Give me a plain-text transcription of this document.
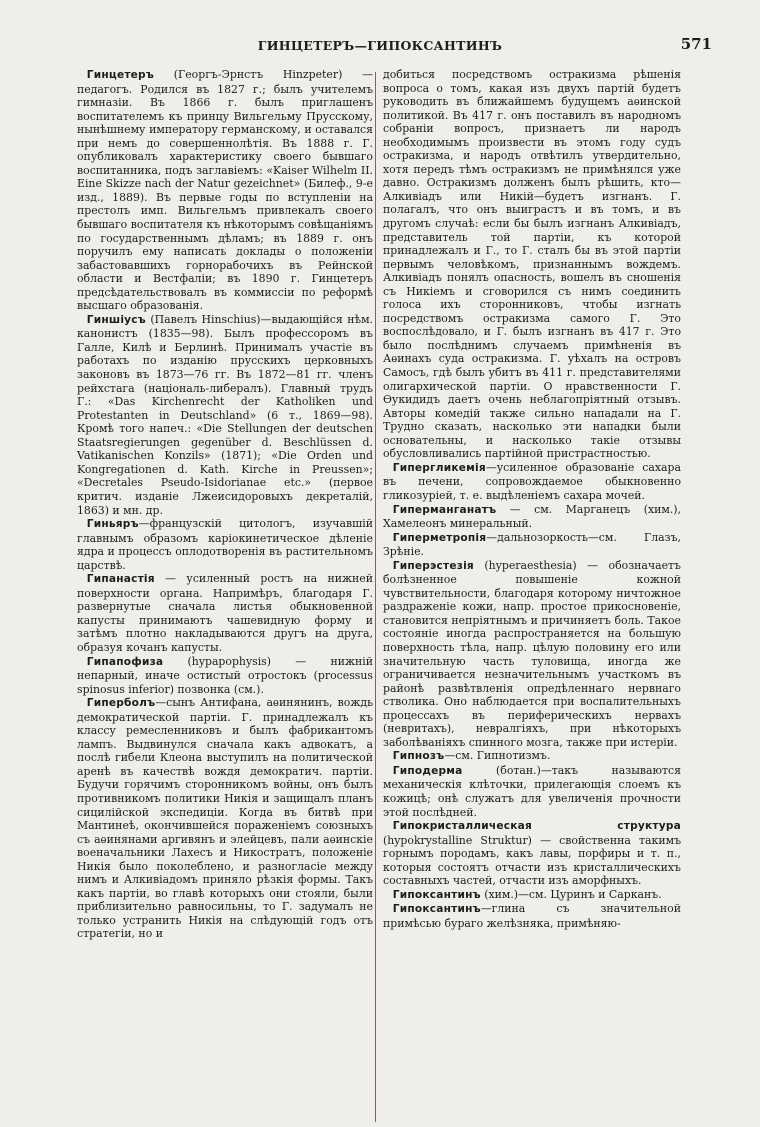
ГИНЦЕТЕРЪ—ГИПОКСАНТИНЪ	571

Гинцетеръ (Георгъ-Эрнстъ Hinzpeter) — педагогъ. Родился въ 1827 г.; былъ учителемъ гимназіи. Въ 1866 г. былъ приглашенъ воспитателемъ къ принцу Вильгельму Прусскому, нынѣшнему императору германскому, и оставался при немъ до совершеннолѣтія. Въ 1888 г. Г. опубликовалъ характеристику своего бывшаго воспитанника, подъ заглавіемъ: «Kaiser Wilhelm II. Eine Skizze nach der Natur gezeichnet» (Билеф., 9-е изд., 1889). Въ первые годы по вступленіи на престолъ имп. Вильгельмъ привлекалъ своего бывшаго воспитателя къ нѣкоторымъ совѣщаніямъ по государственнымъ дѣламъ; въ 1889 г. онъ поручилъ ему написать доклады о положеніи забастовавшихъ горнорабочихъ въ Рейнской области и Вестфаліи; въ 1890 г. Гинцетеръ предсѣдательствовалъ въ коммиссіи по реформѣ высшаго образованія.

Гиншіусъ (Павелъ Hinschius)—выдающійся нѣм. канонистъ (1835—98). Былъ профессоромъ въ Галле, Килѣ и Берлинѣ. Принималъ участіе въ работахъ по изданію прусскихъ церковныхъ законовъ въ 1873—76 гг. Въ 1872—81 гг. членъ рейхстага (національ-либералъ). Главный трудъ Г.: «Das Kirchenrecht der Katholiken und Protestanten in Deutschland» (6 т., 1869—98). Кромѣ того напеч.: «Die Stellungen der deutschen Staatsregierungen gegenüber d. Beschlüssen d. Vatikanischen Konzils» (1871); «Die Orden und Kongregationen d. Kath. Kirche in Preussen»; «Decretales Pseudo-Isidorianae etc.» (первое критич. изданіе Лжеисидоровыхъ декреталій, 1863) и мн. др.

Гиньяръ—французскій цитологъ, изучавшій главнымъ образомъ каріокинетическое дѣленіе ядра и процессъ оплодотворенія въ растительномъ царствѣ.

Гипанастія — усиленный ростъ на нижней поверхности органа. Напримѣръ, благодаря Г. развернутые сначала листья обыкновенной капусты принимаютъ чашевидную форму и затѣмъ плотно накладываются другъ на друга, образуя кочанъ капусты.

Гипапофиза (hypapophysis) — нижній непарный, иначе остистый отростокъ (processus spinosus inferior) позвонка (см.).

Гиперболъ—сынъ Антифана, аѳинянинъ, вождь демократической партіи. Г. принадлежалъ къ классу ремесленниковъ и былъ фабрикантомъ лампъ. Выдвинулся сначала какъ адвокатъ, а послѣ гибели Клеона выступилъ на политической аренѣ въ качествѣ вождя демократич. партіи. Будучи горячимъ сторонникомъ войны, онъ былъ противникомъ политики Никія и защищалъ планъ сицилійской экспедиціи. Когда въ битвѣ при Мантинеѣ, окончившейся пораженіемъ союзныхъ съ аѳинянами аргивянъ и элейцевъ, пали аѳинскіе военачальники Лахесъ и Никостратъ, положеніе Никія было поколеблено, и разногласіе между нимъ и Алкивіадомъ приняло рѣзкія формы. Такъ какъ партіи, во главѣ которыхъ они стояли, были приблизительно равносильны, то Г. задумалъ не только устранить Никія на слѣдующій годъ отъ стратегіи, но и

добиться посредствомъ остракизма рѣшенія вопроса о томъ, какая изъ двухъ партій будетъ руководить въ ближайшемъ будущемъ аѳинской политикой. Въ 417 г. онъ поставилъ въ народномъ собраніи вопросъ, признаетъ ли народъ необходимымъ произвести въ этомъ году судъ остракизма, и народъ отвѣтилъ утвердительно, хотя передъ тѣмъ остракизмъ не примѣнялся уже давно. Остракизмъ долженъ былъ рѣшить, кто—Алкивіадъ или Никій—будетъ изгнанъ. Г. полагалъ, что онъ выигрaстъ и въ томъ, и въ другомъ случаѣ: если бы былъ изгнанъ Алкивіадъ, представитель той партіи, къ которой принадлежалъ и Г., то Г. сталъ бы въ этой партіи первымъ человѣкомъ, признаннымъ вождемъ. Алкивіадъ понялъ опасность, вошелъ въ сношенія съ Никіемъ и сговорился съ нимъ соединить голоса ихъ сторонниковъ, чтобы изгнать посредствомъ остракизма самого Г. Это воспослѣдовало, и Г. былъ изгнанъ въ 417 г. Это было послѣднимъ случаемъ примѣненія въ Аѳинахъ суда остракизма. Г. уѣхалъ на островъ Самосъ, гдѣ былъ убитъ въ 411 г. представителями олигархической партіи. О нравственности Г. Ѳукидидъ даетъ очень неблагопріятный отзывъ. Авторы комедій также сильно нападали на Г. Трудно сказать, насколько эти нападки были основательны, и насколько такіе отзывы обусловливались партійной пристрастностью.

Гипергликемія—усиленное образованіе сахара въ печени, сопровождаемое обыкновенно гликозуріей, т. е. выдѣленіемъ сахара мочей.

Гиперманганатъ — см. Марганецъ (хим.), Хамелеонъ минеральный.

Гиперметропія—дальнозоркость—см. Глазъ, Зрѣніе.

Гиперэстезія (hyperaesthesia) — обозначаетъ болѣзненное повышеніе кожной чувствительности, благодаря которому ничтожное раздраженіе кожи, напр. простое прикосновеніе, становится непріятнымъ и причиняетъ боль. Такое состояніе иногда распространяется на большую поверхность тѣла, напр. цѣлую половину его или значительную часть туловища, иногда же ограничивается незначительнымъ участкомъ въ районѣ развѣтвленія опредѣленнаго нервнаго стволика. Оно наблюдается при воспалительныхъ процессахъ въ периферическихъ нервахъ (невритахъ), невралгіяхъ, при нѣкоторыхъ заболѣваніяхъ спинного мозга, также при истеріи.

Гипнозъ—см. Гипнотизмъ.

Гиподерма (ботан.)—такъ называются механическія клѣточки, прилегающія слоемъ къ кожицѣ; онѣ служатъ для увеличенія прочности этой послѣдней.

Гипокристаллическая структура (hypokrystalline Struktur) — свойственна такимъ горнымъ породамъ, какъ лавы, порфиры и т. п., которыя состоятъ отчасти изъ кристаллическихъ составныхъ частей, отчасти изъ аморфныхъ.

Гипоксантинъ (хим.)—см. Цуринъ и Сарканъ.

Гипоксантинъ—глина съ значительной примѣсью бураго желѣзняка, примѣняю-
